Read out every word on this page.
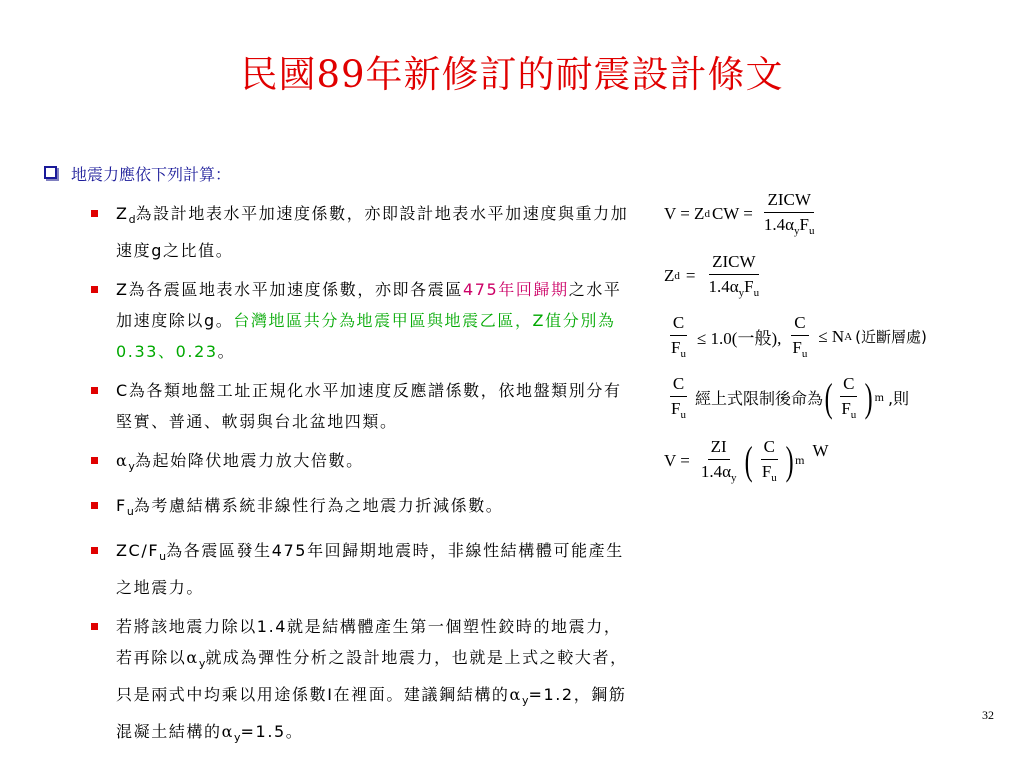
民國89年新修訂的耐震設計條文
地震力應依下列計算：
$Z_d$為設計地表水平加速度係數，亦即設計地表水平加速度與重力加速度g之比值。
Z為各震區地表水平加速度係數，亦即各震區475年回歸期之水平加速度除以g。台灣地區共分為地震甲區與地震乙區，Z值分別為0.33、0.23。
C為各類地盤工址正規化水平加速度反應譜係數，依地盤類別分有堅實、普通、軟弱與台北盆地四類。
$\alpha_y$為起始降伏地震力放大倍數。
$F_u$為考慮結構系統非線性行為之地震力折減係數。
$ZC/F_u$為各震區發生475年回歸期地震時，非線性結構體可能產生之地震力。
若將該地震力除以1.4就是結構體產生第一個塑性鉸時的地震力，若再除以$\alpha_y$就成為彈性分析之設計地震力，也就是上式之較大者，只是兩式中均乘以用途係數I在裡面。建議鋼結構的$\alpha_y=1.2$，鋼筋混凝土結構的$\alpha_y=1.5$。
V = Z d CW = $\frac{\text{ZICW}}{1.4\alpha_yF_u}$
Z $d = \frac{\text{ZICW}}{1.4\alpha_yF_u}$
$\frac{C}{F_u} \le 1.0$(一般), $\frac{C}{F_u} \le N$ A (近斷層處)
$\frac{C}{F_u}$ 經上式限制後命為 ( $\frac{C}{F_u}$ ) m ,則
$V = \frac{ZI}{1.4\alpha_y}$ ( $\frac{C}{F_u}$ ) m
W
32
